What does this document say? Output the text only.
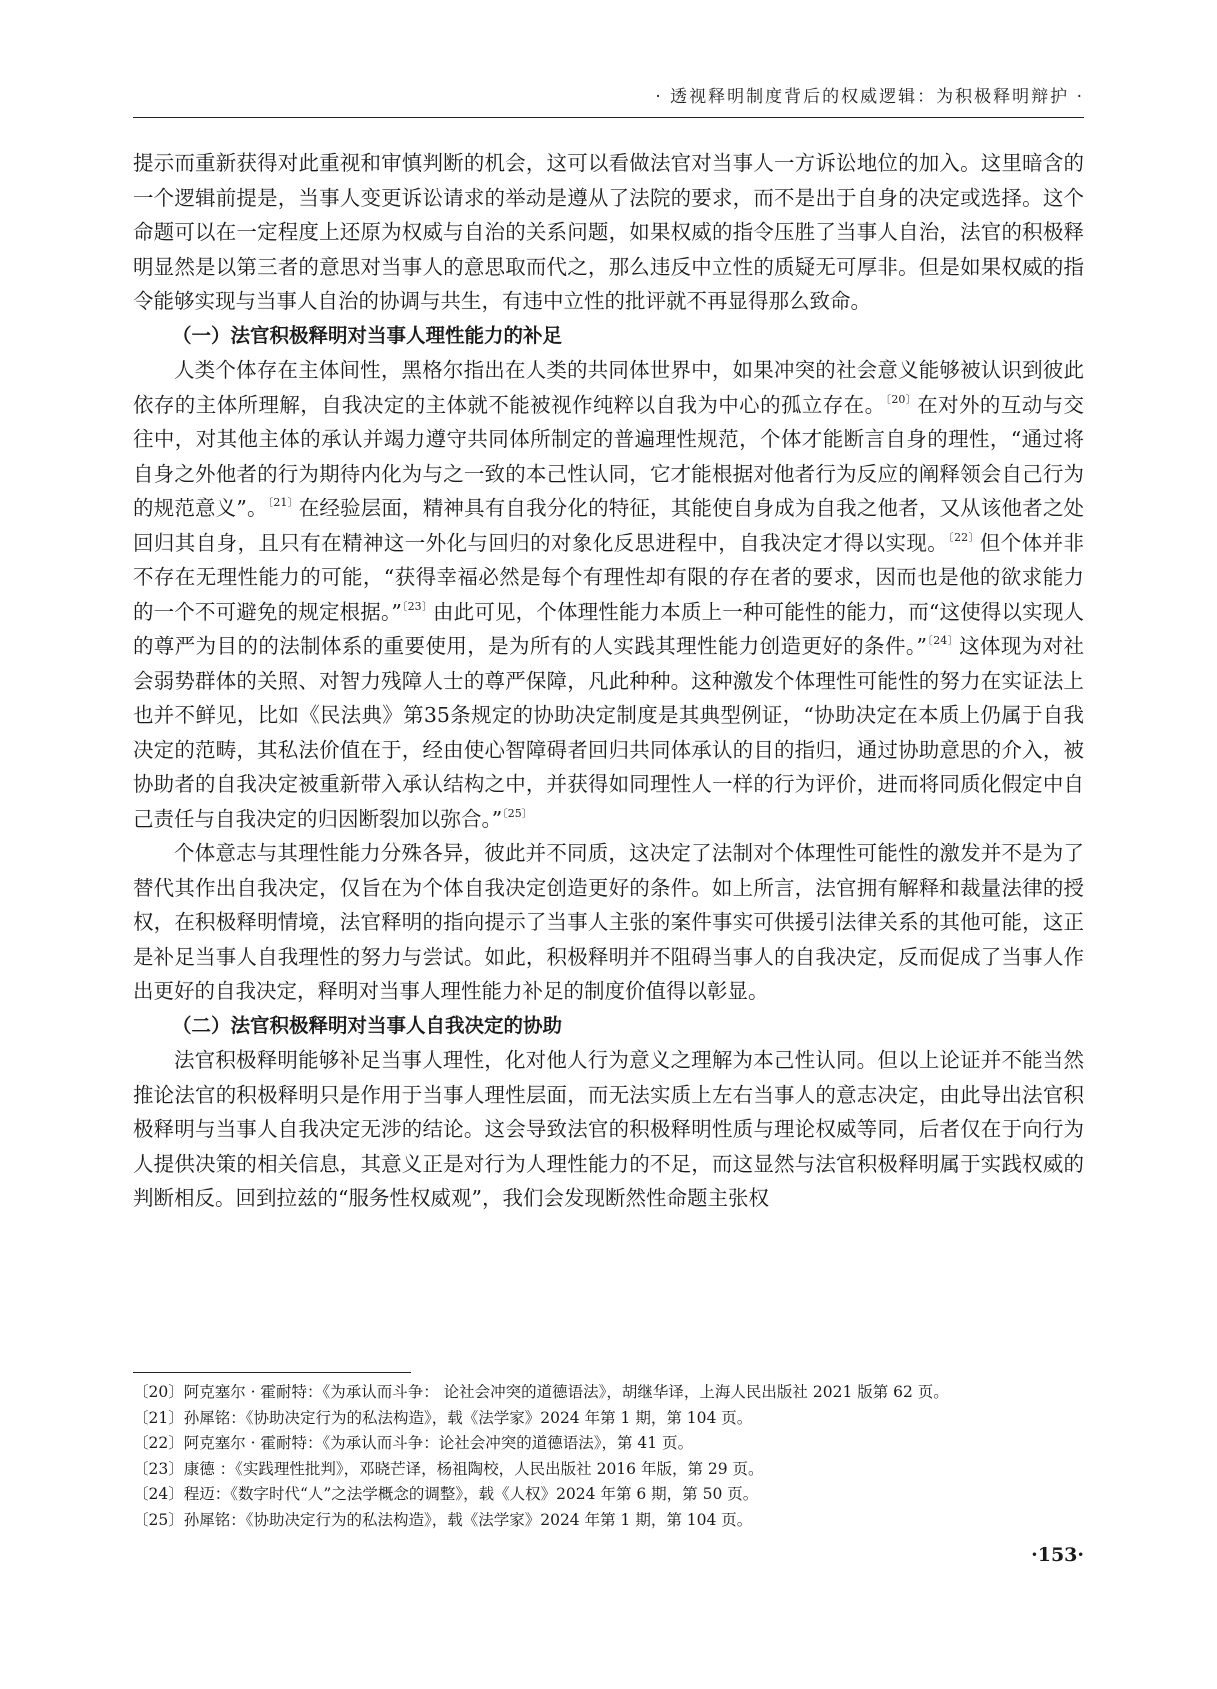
· 透视释明制度背后的权威逻辑：为积极释明辩护 ·

提示而重新获得对此重视和审慎判断的机会，这可以看做法官对当事人一方诉讼地位的加入。这里暗含的一个逻辑前提是，当事人变更诉讼请求的举动是遵从了法院的要求，而不是出于自身的决定或选择。这个命题可以在一定程度上还原为权威与自治的关系问题，如果权威的指令压胜了当事人自治，法官的积极释明显然是以第三者的意思对当事人的意思取而代之，那么违反中立性的质疑无可厚非。但是如果权威的指令能够实现与当事人自治的协调与共生，有违中立性的批评就不再显得那么致命。

（一）法官积极释明对当事人理性能力的补足

人类个体存在主体间性，黑格尔指出在人类的共同体世界中，如果冲突的社会意义能够被认识到彼此依存的主体所理解，自我决定的主体就不能被视作纯粹以自我为中心的孤立存在。$^{〔20〕}$在对外的互动与交往中，对其他主体的承认并竭力遵守共同体所制定的普遍理性规范，个体才能断言自身的理性，“通过将自身之外他者的行为期待内化为与之一致的本己性认同，它才能根据对他者行为反应的阐释领会自己行为的规范意义”。$^{〔21〕}$在经验层面，精神具有自我分化的特征，其能使自身成为自我之他者，又从该他者之处回归其自身，且只有在精神这一外化与回归的对象化反思进程中，自我决定才得以实现。$^{〔22〕}$但个体并非不存在无理性能力的可能，“获得幸福必然是每个有理性却有限的存在者的要求，因而也是他的欲求能力的一个不可避免的规定根据。”$^{〔23〕}$由此可见，个体理性能力本质上一种可能性的能力，而“这使得以实现人的尊严为目的的法制体系的重要使用，是为所有的人实践其理性能力创造更好的条件。”$^{〔24〕}$这体现为对社会弱势群体的关照、对智力残障人士的尊严保障，凡此种种。这种激发个体理性可能性的努力在实证法上也并不鲜见，比如《民法典》第35条规定的协助决定制度是其典型例证，“协助决定在本质上仍属于自我决定的范畴，其私法价值在于，经由使心智障碍者回归共同体承认的目的指归，通过协助意思的介入，被协助者的自我决定被重新带入承认结构之中，并获得如同理性人一样的行为评价，进而将同质化假定中自己责任与自我决定的归因断裂加以弥合。”$^{〔25〕}$

个体意志与其理性能力分殊各异，彼此并不同质，这决定了法制对个体理性可能性的激发并不是为了替代其作出自我决定，仅旨在为个体自我决定创造更好的条件。如上所言，法官拥有解释和裁量法律的授权，在积极释明情境，法官释明的指向提示了当事人主张的案件事实可供援引法律关系的其他可能，这正是补足当事人自我理性的努力与尝试。如此，积极释明并不阻碍当事人的自我决定，反而促成了当事人作出更好的自我决定，释明对当事人理性能力补足的制度价值得以彰显。

（二）法官积极释明对当事人自我决定的协助

法官积极释明能够补足当事人理性，化对他人行为意义之理解为本己性认同。但以上论证并不能当然推论法官的积极释明只是作用于当事人理性层面，而无法实质上左右当事人的意志决定，由此导出法官积极释明与当事人自我决定无涉的结论。这会导致法官的积极释明性质与理论权威等同，后者仅在于向行为人提供决策的相关信息，其意义正是对行为人理性能力的不足，而这显然与法官积极释明属于实践权威的判断相反。回到拉兹的“服务性权威观”，我们会发现断然性命题主张权

〔20〕阿克塞尔 · 霍耐特：《为承认而斗争： 论社会冲突的道德语法》，胡继华译，上海人民出版社 2021 版第 62 页。
〔21〕孙犀铭：《协助决定行为的私法构造》，载《法学家》2024 年第 1 期，第 104 页。
〔22〕阿克塞尔 · 霍耐特：《为承认而斗争：论社会冲突的道德语法》，第 41 页。
〔23〕康德 ：《实践理性批判》，邓晓芒译，杨祖陶校，人民出版社 2016 年版，第 29 页。
〔24〕程迈：《数字时代“人”之法学概念的调整》，载《人权》2024 年第 6 期，第 50 页。
〔25〕孙犀铭：《协助决定行为的私法构造》，载《法学家》2024 年第 1 期，第 104 页。
·153·
